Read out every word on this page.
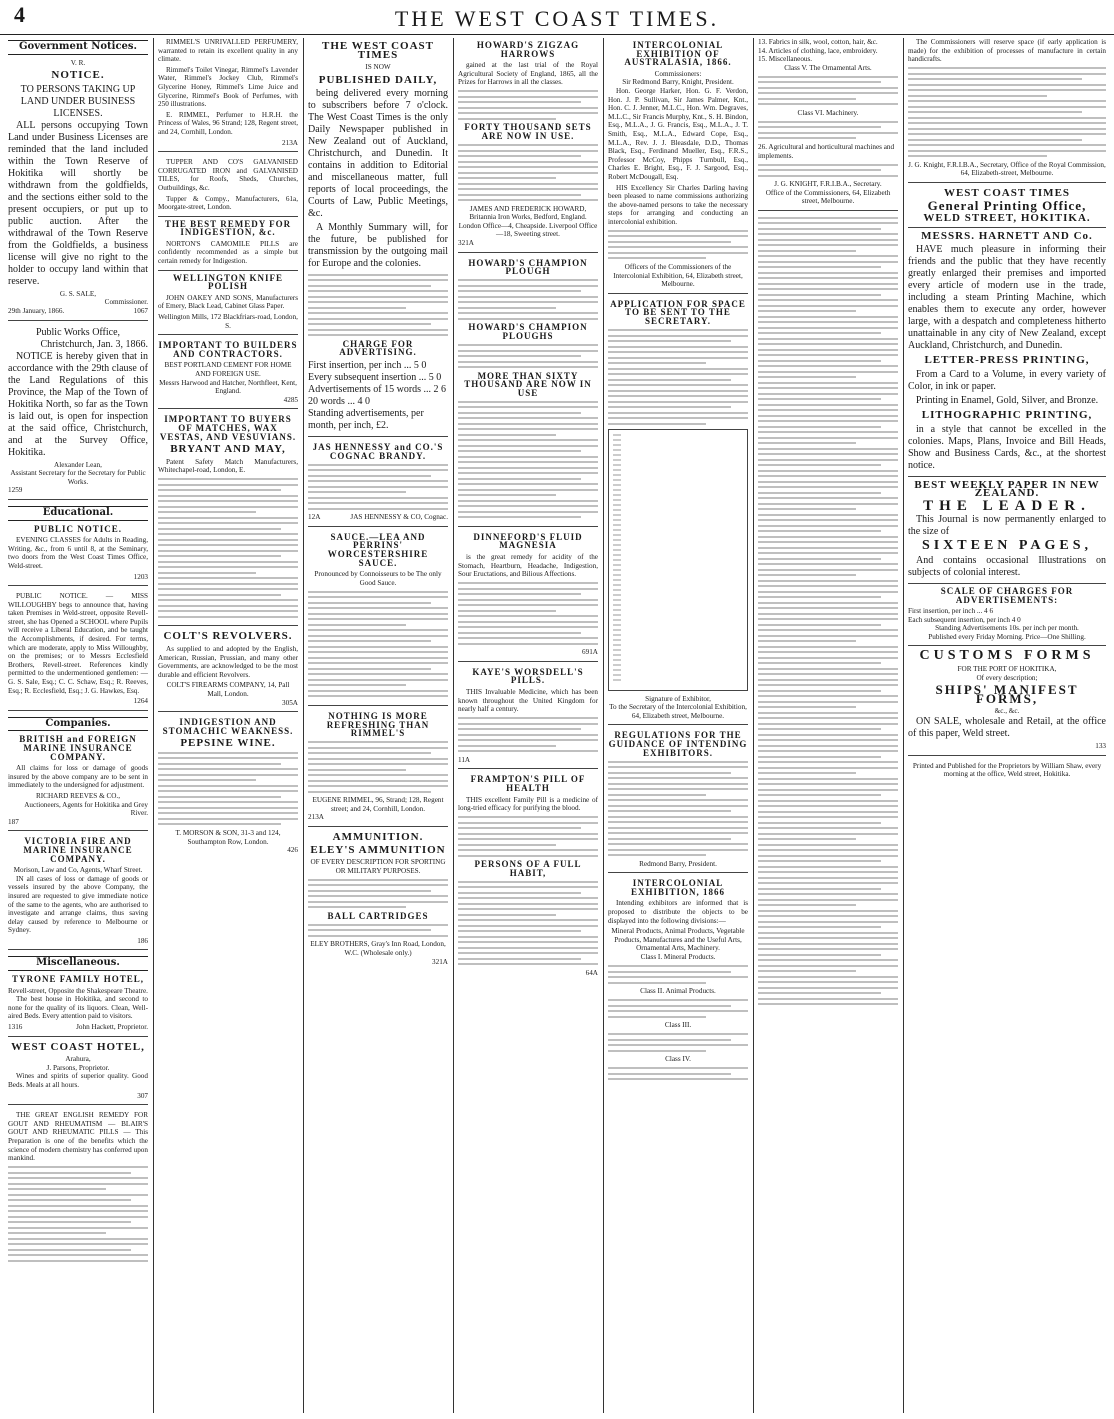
4	THE WEST COAST TIMES.
Government Notices.
V. R.
NOTICE.
TO PERSONS TAKING UP LAND UNDER BUSINESS LICENSES.

ALL persons occupying Town Land under Business Licenses are reminded that the land included within the Town Reserve of Hokitika will shortly be withdrawn from the goldfields, and the sections either sold to the present occupiers, or put up to public auction. After the withdrawal of the Town Reserve from the Goldfields, a business license will give no right to the holder to occupy land within that reserve.

G. S. SALE,
Commissioner.
29th January, 1866.	1067
Public Works Office,
Christchurch, Jan. 3, 1866.

NOTICE is hereby given that in accordance with the 29th clause of the Land Regulations of this Province, the Map of the Town of Hokitika North, so far as the Town is laid out, is open for inspection at the said office, Christchurch, and at the Survey Office, Hokitika.

Alexander Lean,
Assistant Secretary for the Secretary for Public Works.
1259
Educational.
PUBLIC NOTICE.

EVENING CLASSES for Adults in Reading, Writing, &c., from 6 until 8, at the Seminary, two doors from the West Coast Times Office, Weld-street.

1203

PUBLIC NOTICE. — MISS WILLOUGHBY begs to announce that, having taken Premises in Weld-street, opposite Revell-street, she has Opened a SCHOOL where Pupils will receive a Liberal Education, and be taught the Accomplishments, if desired. For terms, which are moderate, apply to Miss Willoughby, on the premises; or to Messrs Ecclesfield Brothers, Revell-street. References kindly permitted to the undermentioned gentlemen: — G. S. Sale, Esq.; C. C. Schaw, Esq.; R. Reeves, Esq.; R. Ecclesfield, Esq.; J. G. Hawkes, Esq.

1264
Companies.
BRITISH and FOREIGN MARINE INSURANCE COMPANY.

All claims for loss or damage of goods insured by the above company are to be sent in immediately to the undersigned for adjustment.

RICHARD REEVES & CO.,
Auctioneers, Agents for Hokitika and Grey River.
187
VICTORIA FIRE AND MARINE INSURANCE COMPANY.
Morison, Law and Co, Agents, Wharf Street.

IN all cases of loss or damage of goods or vessels insured by the above Company, the insured are requested to give immediate notice of the same to the agents, who are authorised to investigate and arrange claims, thus saving delay caused by reference to Melbourne or Sydney.

186
Miscellaneous.
TYRONE FAMILY HOTEL,
Revell-street, Opposite the Shakespeare Theatre.

The best house in Hokitika, and second to none for the quality of its liquors. Clean, Well-aired Beds. Every attention paid to visitors.

1316	John Hackett, Proprietor.
WEST COAST HOTEL,
Arahura,
J. Parsons, Proprietor.

Wines and spirits of superior quality. Good Beds. Meals at all hours.

307

THE GREAT ENGLISH REMEDY FOR GOUT AND RHEUMATISM — BLAIR'S GOUT AND RHEUMATIC PILLS — This Preparation is one of the benefits which the science of modern chemistry has conferred upon mankind.

RIMMEL'S UNRIVALLED PERFUMERY, warranted to retain its excellent quality in any climate.

Rimmel's Toilet Vinegar, Rimmel's Lavender Water, Rimmel's Jockey Club, Rimmel's Glycerine Honey, Rimmel's Lime Juice and Glycerine, Rimmel's Book of Perfumes, with 250 illustrations.

E. RIMMEL, Perfumer to H.R.H. the Princess of Wales, 96 Strand; 128, Regent street, and 24, Cornhill, London.

213A

TUPPER AND CO'S GALVANISED CORRUGATED IRON and GALVANISED TILES, for Roofs, Sheds, Churches, Outbuildings, &c.

Tupper & Compy., Manufacturers, 61a, Moorgate-street, London.

THE BEST REMEDY FOR INDIGESTION, &c.

NORTON'S CAMOMILE PILLS are confidently recommended as a simple but certain remedy for Indigestion.

WELLINGTON KNIFE POLISH

JOHN OAKEY AND SONS, Manufacturers of Emery, Black Lead, Cabinet Glass Paper.

Wellington Mills, 172 Blackfriars-road, London, S.
IMPORTANT TO BUILDERS AND CONTRACTORS.
BEST PORTLAND CEMENT FOR HOME AND FOREIGN USE.
Messrs Harwood and Hatcher, Northfleet, Kent, England.
4285
IMPORTANT TO BUYERS OF MATCHES, WAX VESTAS, AND VESUVIANS.
BRYANT AND MAY,

Patent Safety Match Manufacturers, Whitechapel-road, London, E.

COLT'S REVOLVERS.

As supplied to and adopted by the English, American, Russian, Prussian, and many other Governments, are acknowledged to be the most durable and efficient Revolvers.

COLT'S FIREARMS COMPANY, 14, Pall Mall, London.
305A
INDIGESTION AND STOMACHIC WEAKNESS.
PEPSINE WINE.
T. MORSON & SON, 31-3 and 124, Southampton Row, London.
426
THE WEST COAST TIMES
IS NOW
PUBLISHED DAILY,

being delivered every morning to subscribers before 7 o'clock. The West Coast Times is the only Daily Newspaper published in New Zealand out of Auckland, Christchurch, and Dunedin. It contains in addition to Editorial and miscellaneous matter, full reports of local proceedings, the Courts of Law, Public Meetings, &c.

A Monthly Summary will, for the future, be published for transmission by the outgoing mail for Europe and the colonies.

CHARGE FOR ADVERTISING.
First insertion, per inch ... 5 0
Every subsequent insertion ... 5 0
Advertisements of 15 words ... 2 6
20 words ... 4 0
Standing advertisements, per month, per inch, £2.
JAS HENNESSY and CO.'S COGNAC BRANDY.
12A	JAS HENNESSY & CO, Cognac.
SAUCE.—LEA AND PERRINS' WORCESTERSHIRE SAUCE.
Pronounced by Connoisseurs to be The only Good Sauce.
NOTHING IS MORE REFRESHING THAN RIMMEL'S
EUGENE RIMMEL, 96, Strand; 128, Regent street; and 24, Cornhill, London.
213A
AMMUNITION.
ELEY'S AMMUNITION
OF EVERY DESCRIPTION FOR SPORTING OR MILITARY PURPOSES.
BALL CARTRIDGES
ELEY BROTHERS, Gray's Inn Road, London, W.C. (Wholesale only.)
321A
HOWARD'S ZIGZAG HARROWS

gained at the last trial of the Royal Agricultural Society of England, 1865, all the Prizes for Harrows in all the classes.

FORTY THOUSAND SETS ARE NOW IN USE.
JAMES AND FREDERICK HOWARD, Britannia Iron Works, Bedford, England.
London Office—4, Cheapside. Liverpool Office—18, Sweeting street.
321A
HOWARD'S CHAMPION PLOUGH
HOWARD'S CHAMPION PLOUGHS
MORE THAN SIXTY THOUSAND ARE NOW IN USE
DINNEFORD'S FLUID MAGNESIA

is the great remedy for acidity of the Stomach, Heartburn, Headache, Indigestion, Sour Eructations, and Bilious Affections.

691A
KAYE'S WORSDELL'S PILLS.

THIS Invaluable Medicine, which has been known throughout the United Kingdom for nearly half a century.

11A
FRAMPTON'S PILL OF HEALTH

THIS excellent Family Pill is a medicine of long-tried efficacy for purifying the blood.

PERSONS OF A FULL HABIT,
64A
INTERCOLONIAL EXHIBITION OF AUSTRALASIA, 1866.
Commissioners:
Sir Redmond Barry, Knight, President.

Hon. George Harker, Hon. G. F. Verdon, Hon. J. P. Sullivan, Sir James Palmer, Knt., Hon. C. J. Jenner, M.L.C., Hon. Wm. Degraves, M.L.C., Sir Francis Murphy, Knt., S. H. Bindon, Esq., M.L.A., J. G. Francis, Esq., M.L.A., J. T. Smith, Esq., M.L.A., Edward Cope, Esq., M.L.A., Rev. J. J. Bleasdale, D.D., Thomas Black, Esq., Ferdinand Mueller, Esq., F.R.S., Professor McCoy, Phipps Turnbull, Esq., Charles E. Bright, Esq., F. J. Sargood, Esq., Robert McDougall, Esq.

HIS Excellency Sir Charles Darling having been pleased to name commissions authorizing the above-named persons to take the necessary steps for arranging and conducting an intercolonial exhibition.

Officers of the Commissioners of the Intercolonial Exhibition, 64, Elizabeth street, Melbourne.
APPLICATION FOR SPACE TO BE SENT TO THE SECRETARY.
Signature of Exhibitor,
To the Secretary of the Intercolonial Exhibition, 64, Elizabeth street, Melbourne.
REGULATIONS FOR THE GUIDANCE OF INTENDING EXHIBITORS.
Redmond Barry, President.
INTERCOLONIAL EXHIBITION, 1866

Intending exhibitors are informed that is proposed to distribute the objects to be displayed into the following divisions:—

Mineral Products, Animal Products, Vegetable Products, Manufactures and the Useful Arts, Ornamental Arts, Machinery.
Class I. Mineral Products.
Class II. Animal Products.
Class III.
Class IV.
13. Fabrics in silk, wool, cotton, hair, &c.
14. Articles of clothing, lace, embroidery.
15. Miscellaneous.
Class V. The Ornamental Arts.
Class VI. Machinery.
26. Agricultural and horticultural machines and implements.
J. G. KNIGHT, F.R.I.B.A., Secretary.
Office of the Commissioners, 64, Elizabeth street, Melbourne.

The Commissioners will reserve space (if early application is made) for the exhibition of processes of manufacture in certain handicrafts.

J. G. Knight, F.R.I.B.A., Secretary, Office of the Royal Commission, 64, Elizabeth-street, Melbourne.
WEST COAST TIMES
General Printing Office,
WELD STREET, HOKITIKA.
MESSRS. HARNETT AND Co.

HAVE much pleasure in informing their friends and the public that they have recently greatly enlarged their premises and imported every article of modern use in the trade, including a steam Printing Machine, which enables them to execute any order, however large, with a despatch and completeness hitherto unattainable in any city of New Zealand, except Auckland, Christchurch, and Dunedin.

LETTER-PRESS PRINTING,

From a Card to a Volume, in every variety of Color, in ink or paper.

Printing in Enamel, Gold, Silver, and Bronze.
LITHOGRAPHIC PRINTING,

in a style that cannot be excelled in the colonies. Maps, Plans, Invoice and Bill Heads, Show and Business Cards, &c., at the shortest notice.

BEST WEEKLY PAPER IN NEW ZEALAND.
THE LEADER.

This Journal is now permanently enlarged to the size of

SIXTEEN PAGES,

And contains occasional Illustrations on subjects of colonial interest.

SCALE OF CHARGES FOR ADVERTISEMENTS:
First insertion, per inch ... 4 6
Each subsequent insertion, per inch 4 0
Standing Advertisements 10s. per inch per month.
Published every Friday Morning. Price—One Shilling.
CUSTOMS FORMS
FOR THE PORT OF HOKITIKA,
Of every description;
SHIPS' MANIFEST FORMS,
&c., &c.

ON SALE, wholesale and Retail, at the office of this paper, Weld street.

133
Printed and Published for the Proprietors by William Shaw, every morning at the office, Weld street, Hokitika.
